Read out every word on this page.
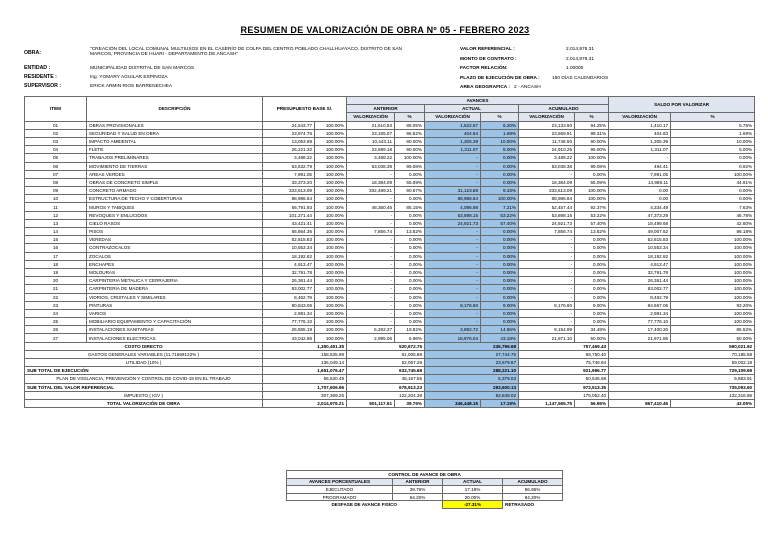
RESUMEN DE VALORIZACIÓN DE OBRA Nº 05 - FEBRERO 2023
OBRA:
"CREACIÓN DEL LOCAL COMUNAL MULTIUSOS EN EL CASERÍO DE COLPA DEL CENTRO POBLADO CHALLHUAYACO, DISTRITO DE SAN MARCOS, PROVINCIA DE HUARI - DEPARTAMENTO DE ANCASH"
ENTIDAD :	MUNICIPALIDAD DISTRITAL DE SAN MARCOS
RESIDENTE :	Ing. YOMARY AGUILAR ESPINOZA
SUPERVISOR :	ERICK ARMIN RIOS BARRENECHEA
VALOR REFERENCIAL :	2,014,978.31
MONTO DE CONTRATO :	2,014,978.31
FACTOR RELACIÓN:	1.00000
PLAZO DE EJECUCIÓN DE OBRA :	150 DÍAS CALENDARIOS
AREA GEOGRAFICA : 2 - ANCASH
ITEM	DESCRIPCIÓN	PRESUPUESTO BASE S/.		AVANCES						SALDO POR VALORIZAR	
				ANTERIOR		ACTUAL		ACUMULADO			
				VALORIZACIÓN	%	VALORIZACIÓN	%	VALORIZACIÓN	%	VALORIZACIÓN	%
01	OBRAS PROVISIONALES	24,543.77	100.00%	21,610.93	88.05%	1,522.67	6.20%	23,133.60	94.25%	1,410.17	5.75%
02	SEGURIDAD Y SALUD EN OBRA	23,974.76	100.00%	23,165.07	96.62%	404.84	1.69%	23,569.91	98.31%	404.83	1.69%
03	IMPACTO AMBIENTAL	13,053.89	100.00%	10,443.11	80.00%	1,305.39	10.00%	11,748.50	90.00%	1,305.39	10.00%
04	FLETE	26,221.32	100.00%	23,599.18	90.00%	1,311.07	5.00%	24,910.25	95.00%	1,311.07	5.00%
05	TRABAJOS PRELIMINARES	3,488.22	100.00%	3,488.22	100.00%	-	0.00%	3,488.22	100.00%	-	0.00%
06	MOVIMIENTO DE TIERRAS	53,532.79	100.00%	53,038.38	99.08%	-	0.00%	53,038.38	99.08%	494.41	0.92%
07	AREAS VERDES	7,991.05	100.00%	-	0.00%	-	0.00%	-	0.00%	7,991.05	100.00%
08	OBRAS DE CONCRETO SIMPLE	33,373.20	100.00%	18,384.09	55.09%	-	0.00%	18,384.09	55.09%	14,989.11	44.91%
09	CONCRETO ARMADO	333,613.09	100.00%	302,489.21	90.67%	31,123.88	9.33%	333,613.09	100.00%	0.00	0.00%
10	ESTRUCTURA DE TECHO Y COBERTURAS	88,986.64	100.00%	-	0.00%	88,986.64	100.00%	88,986.64	100.00%	0.00	0.00%
11	MUROS Y TABIQUES	56,791.93	100.00%	48,360.46	85.15%	4,096.98	7.21%	52,457.44	92.37%	4,334.49	7.63%
12	REVOQUES Y ENLUCIDOS	101,271.44	100.00%	-	0.00%	53,898.15	53.22%	53,898.15	53.22%	47,373.29	46.78%
13	CIELO RASOS	43,421.41	100.00%	-	0.00%	24,921.73	57.40%	24,921.73	57.40%	18,499.68	42.60%
14	PISOS	56,864.36	100.00%	7,856.74	13.82%	-	0.00%	7,856.74	13.82%	49,007.62	86.18%
15	VEREDAS	52,815.83	100.00%	-	0.00%	-	0.00%	-	0.00%	52,815.83	100.00%
16	CONTRAZOCALOS	10,553.34	100.00%	-	0.00%	-	0.00%	-	0.00%	10,553.34	100.00%
17	ZOCALOS	18,192.82	100.00%	-	0.00%	-	0.00%	-	0.00%	18,192.82	100.00%
18	ENCHAPES	4,913.47	100.00%	-	0.00%	-	0.00%	-	0.00%	4,913.47	100.00%
19	MOLDURAS	32,791.78	100.00%	-	0.00%	-	0.00%	-	0.00%	32,791.78	100.00%
20	CARPINTERIA METALICA Y CERRAJERIA	26,361.44	100.00%	-	0.00%	-	0.00%	-	0.00%	26,361.44	100.00%
21	CARPINTERIA DE MADERA	83,002.77	100.00%	-	0.00%	-	0.00%	-	0.00%	83,002.77	100.00%
22	VIDRIOS, CRISTALES Y SIMILARES	8,462.79	100.00%	-	0.00%	-	0.00%	-	0.00%	8,462.79	100.00%
23	PINTURAS	90,843.06	100.00%	-	0.00%	8,176.60	9.00%	8,176.60	9.00%	84,667.06	93.20%
24	VARIOS	2,981.34	100.00%	-	0.00%	-	0.00%	-	0.00%	2,981.34	100.00%
25	MOBILIARIO EQUIPAMIENTO Y CAPACITACIÓN	77,776.10	100.00%	-	0.00%	-	0.00%	-	0.00%	77,776.10	100.00%
26	INSTALACIONES SANITARIAS	26,555.19	100.00%	5,262.27	19.82%	3,892.72	14.66%	9,154.99	34.48%	17,400.20	65.52%
27	INSTALACIONES ELECTRICAS	43,042.96	100.00%	2,995.06	6.96%	18,976.04	43.18%	21,971.10	50.00%	21,971.86	50.00%
COSTO DIRECTO		1,350,491.35		520,672.75		236,796.68		757,469.43		590,021.92	
GASTOS GENERALES VARIABLES (11.71669122% )		158,535.98		61,005.88		27,744.75		88,750.40		70,185.58	
UTILIDAD (10% )		135,049.14		52,067.28		23,679.67		75,746.94		59,002.19	
SUB TOTAL DE EJECUCIÓN		1,651,076.47		633,745.68		288,221.10		921,966.77		729,109.69	
PLAN DE VIGILANCIA, PREVENCIÓN Y CONTROL DE COVID-19 EN EL TRABAJO		56,530.49		45,167.55		5,379.03		50,546.58		5,983.91	
SUB TOTAL DEL VALOR REFERENCIAL		1,707,606.96		678,913.23		293,600.13		972,513.35		735,093.60	
IMPUESTO ( IGV )		307,369.25		122,204.38		52,848.02		175,052.40		132,316.86	
TOTAL VALORIZACIÓN DE OBRA		2,014,976.21		801,117.61	39.76%	346,448.15	17.19%	1,147,565.75	56.95%	867,410.46	43.05%
CONTROL DE AVANCE DE OBRA			
AVANCES PORCENTUALES	ANTERIOR	ACTUAL	ACUMULADO
EJECUTADO	39.76%	17.19%	56.95%
PROGRAMADO	64.20%	20.00%	84.20%
DESFASE DE AVANCE FISICO		-27.31%	RETRASADO
